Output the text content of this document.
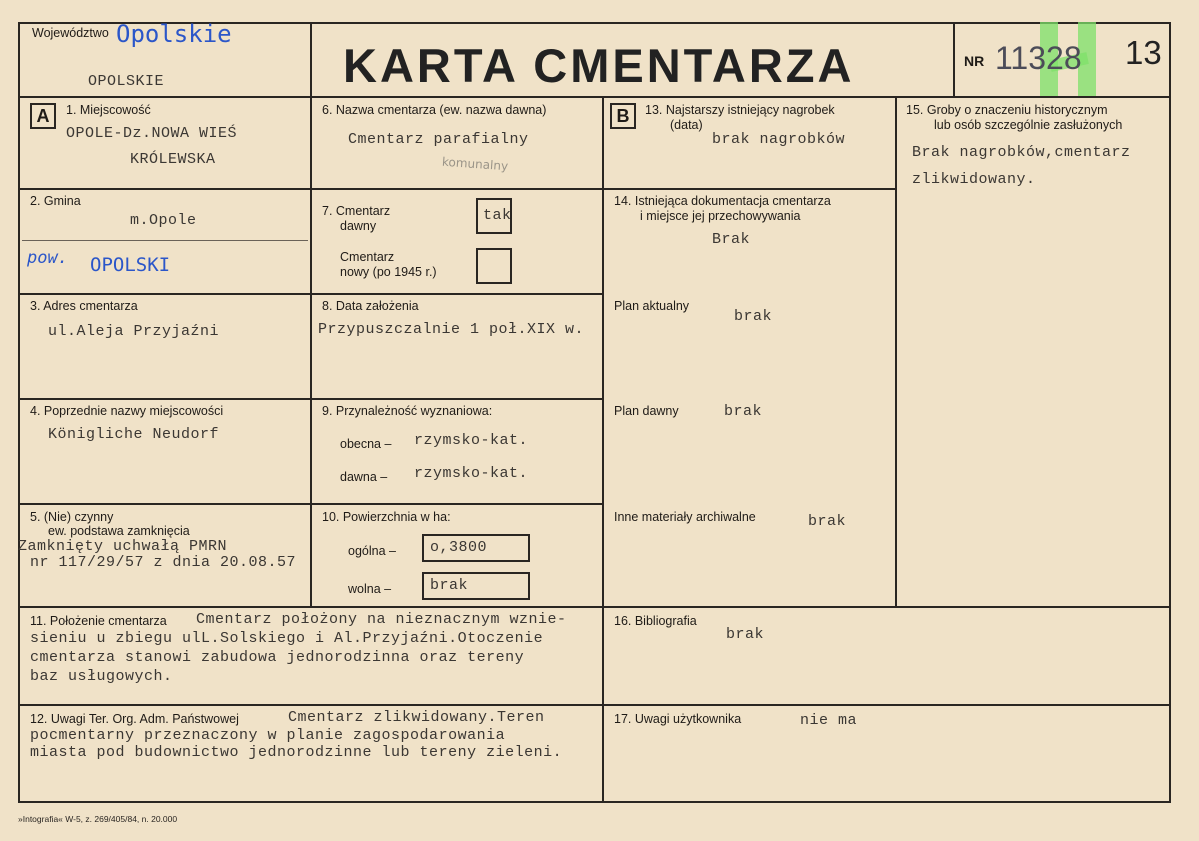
Województwo Opolskie
OPOLSKIE	KARTA CMENTARZA	NR 11328 13
A	B
1. Miejscowość
OPOLE-Dz.NOWA WIEŚ
KRÓLEWSKA
2. Gmina
m.Opole
pow. OPOLSKI
3. Adres cmentarza
ul.Aleja Przyjaźni
4. Poprzednie nazwy miejscowości
Königliche Neudorf
5. (Nie) czynny
ew. podstawa zamknięcia
Zamknięty uchwałą PMRN
nr 117/29/57 z dnia 20.08.57
6. Nazwa cmentarza (ew. nazwa dawna)
Cmentarz parafialny
komunalny
7. Cmentarz
dawny
tak
Cmentarz
nowy (po 1945 r.)
8. Data założenia
Przypuszczalnie 1 poł.XIX w.
9. Przynależność wyznaniowa:
obecna – rzymsko-kat.
dawna – rzymsko-kat.
10. Powierzchnia w ha:
ogólna – o,3800
wolna –	brak
11. Położenie cmentarza Cmentarz położony na nieznacznym wznie-
sieniu u zbiegu ulL.Solskiego i Al.Przyjaźni.Otoczenie
cmentarza stanowi zabudowa jednorodzinna oraz tereny
baz usługowych.
12. Uwagi Ter. Org. Adm. Państwowej	Cmentarz zlikwidowany.Teren
pocmentarny przeznaczony w planie zagospodarowania
miasta pod budownictwo jednorodzinne lub tereny zieleni.
13. Najstarszy istniejący nagrobek
(data)
brak nagrobków
14. Istniejąca dokumentacja cmentarza
i miejsce jej przechowywania
Brak
Plan aktualny
brak
Plan dawny	brak
Inne materiały archiwalne	brak
15. Groby o znaczeniu historycznym
lub osób szczególnie zasłużonych
Brak nagrobków,cmentarz
zlikwidowany.
16. Bibliografia
brak
17. Uwagi użytkownika	nie ma
»Intografia« W-5, z. 269/405/84, n. 20.000
